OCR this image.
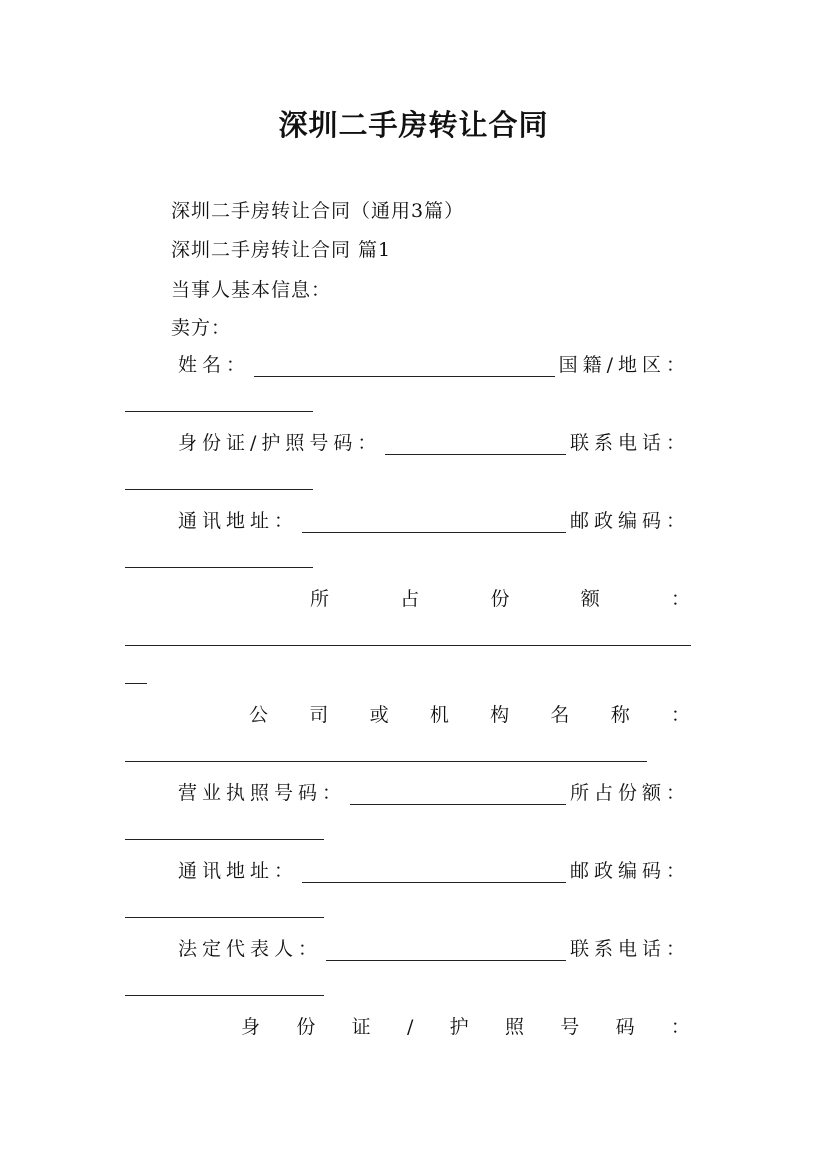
深圳二手房转让合同
深圳二手房转让合同（通用3篇）
深圳二手房转让合同 篇1
当事人基本信息：
卖方：
姓名：	国籍/地区：
身份证/护照号码：	联系电话：
通讯地址：	邮政编码：
所	占	份	额	：
公 司 或 机 构 名 称 ：
营业执照号码：	所占份额：
通讯地址：	邮政编码：
法定代表人：	联系电话：
身 份 证 / 护 照 号 码 ：
